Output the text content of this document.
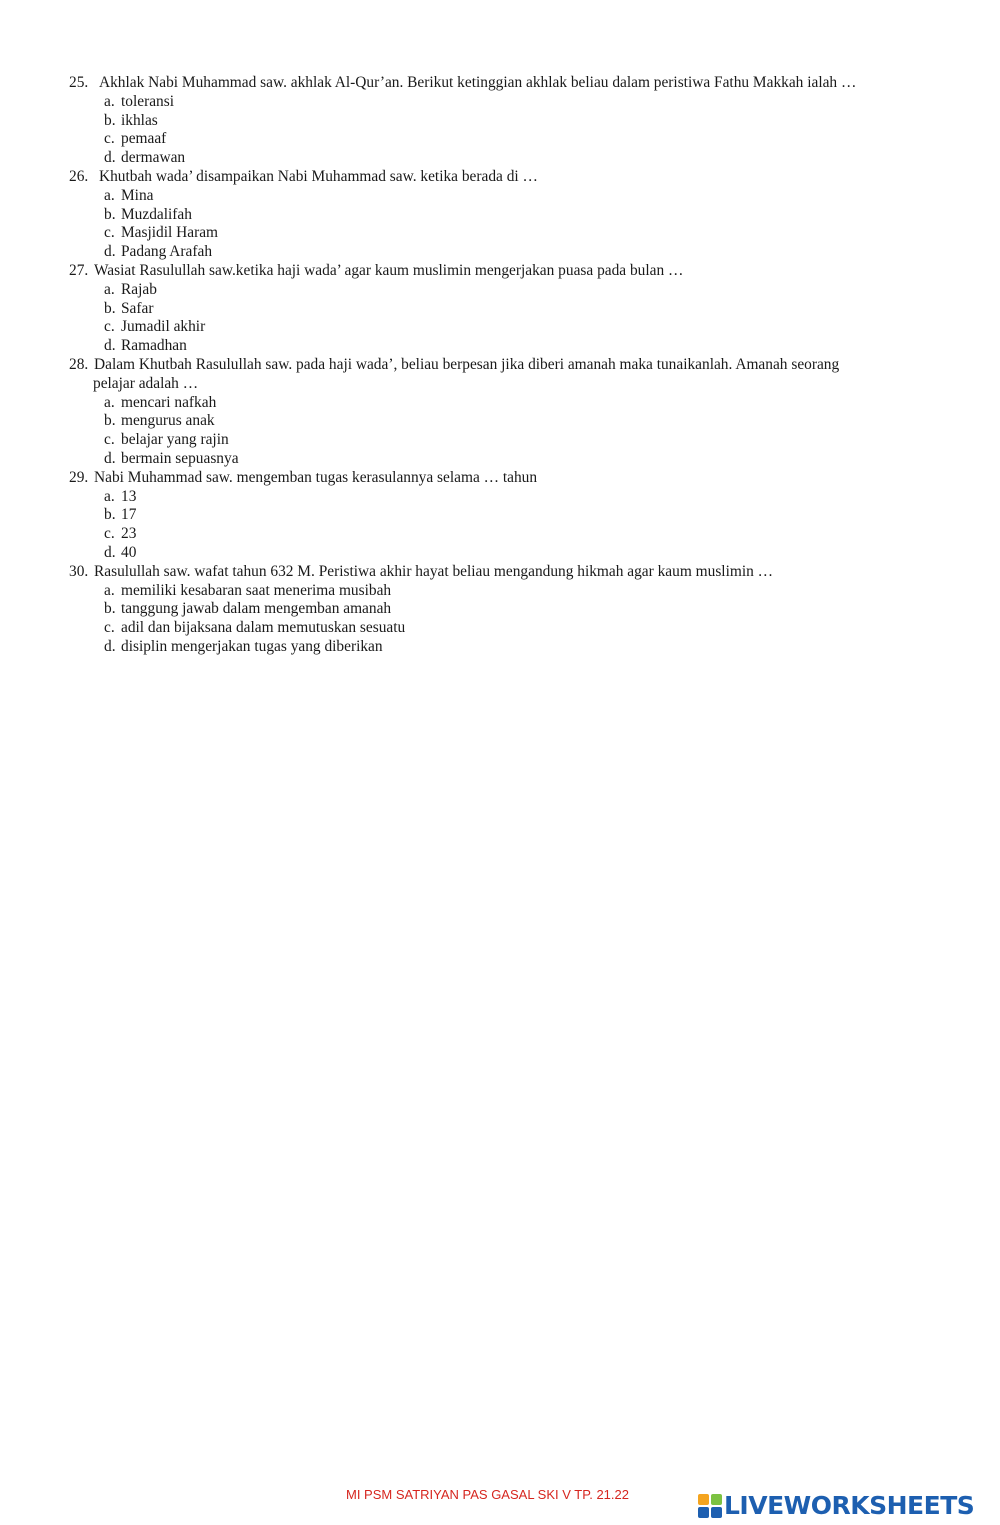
25. Akhlak Nabi Muhammad saw. akhlak Al-Qur’an. Berikut ketinggian akhlak beliau dalam peristiwa Fathu Makkah ialah …
a. toleransi
b. ikhlas
c. pemaaf
d. dermawan
26. Khutbah wada’ disampaikan Nabi Muhammad saw. ketika berada di …
a. Mina
b. Muzdalifah
c. Masjidil Haram
d. Padang Arafah
27. Wasiat Rasulullah saw.ketika haji wada’ agar kaum muslimin mengerjakan puasa pada bulan …
a. Rajab
b. Safar
c. Jumadil akhir
d. Ramadhan
28. Dalam Khutbah Rasulullah saw. pada haji wada’, beliau berpesan jika diberi amanah maka tunaikanlah. Amanah seorang
pelajar adalah …
a. mencari nafkah
b. mengurus anak
c. belajar yang rajin
d. bermain sepuasnya
29. Nabi Muhammad saw. mengemban tugas kerasulannya selama … tahun
a. 13
b. 17
c. 23
d. 40
30. Rasulullah saw. wafat tahun 632 M. Peristiwa akhir hayat beliau mengandung hikmah agar kaum muslimin …
a. memiliki kesabaran saat menerima musibah
b. tanggung jawab dalam mengemban amanah
c. adil dan bijaksana dalam memutuskan sesuatu
d. disiplin mengerjakan tugas yang diberikan
MI PSM SATRIYAN PAS GASAL SKI V TP. 21.22	LIVEWORKSHEETS
